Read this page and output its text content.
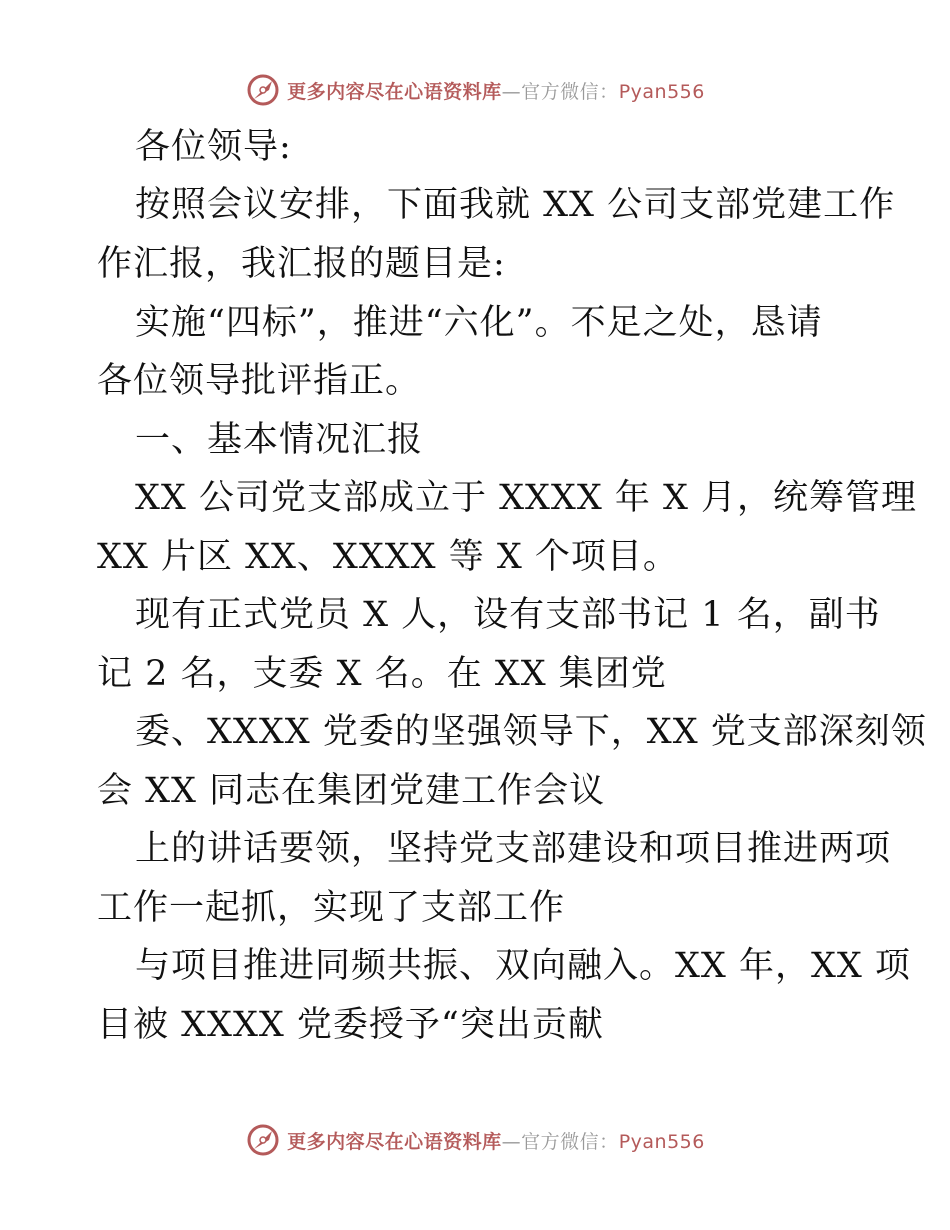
更多内容尽在心语资料库—官方微信：Pyan556
各位领导:
按照会议安排，下面我就 XX 公司支部党建工作
作汇报，我汇报的题目是:
实施“四标”，推进“六化”。不足之处，恳请
各位领导批评指正。
一、基本情况汇报
XX 公司党支部成立于 XXXX 年 X 月，统筹管理
XX 片区 XX、XXXX 等 X 个项目。
现有正式党员 X 人，设有支部书记 1 名，副书
记 2 名，支委 X 名。在 XX 集团党
委、XXXX 党委的坚强领导下，XX 党支部深刻领
会 XX 同志在集团党建工作会议
上的讲话要领，坚持党支部建设和项目推进两项
工作一起抓，实现了支部工作
与项目推进同频共振、双向融入。XX 年，XX 项
目被 XXXX 党委授予“突出贡献
更多内容尽在心语资料库—官方微信：Pyan556
